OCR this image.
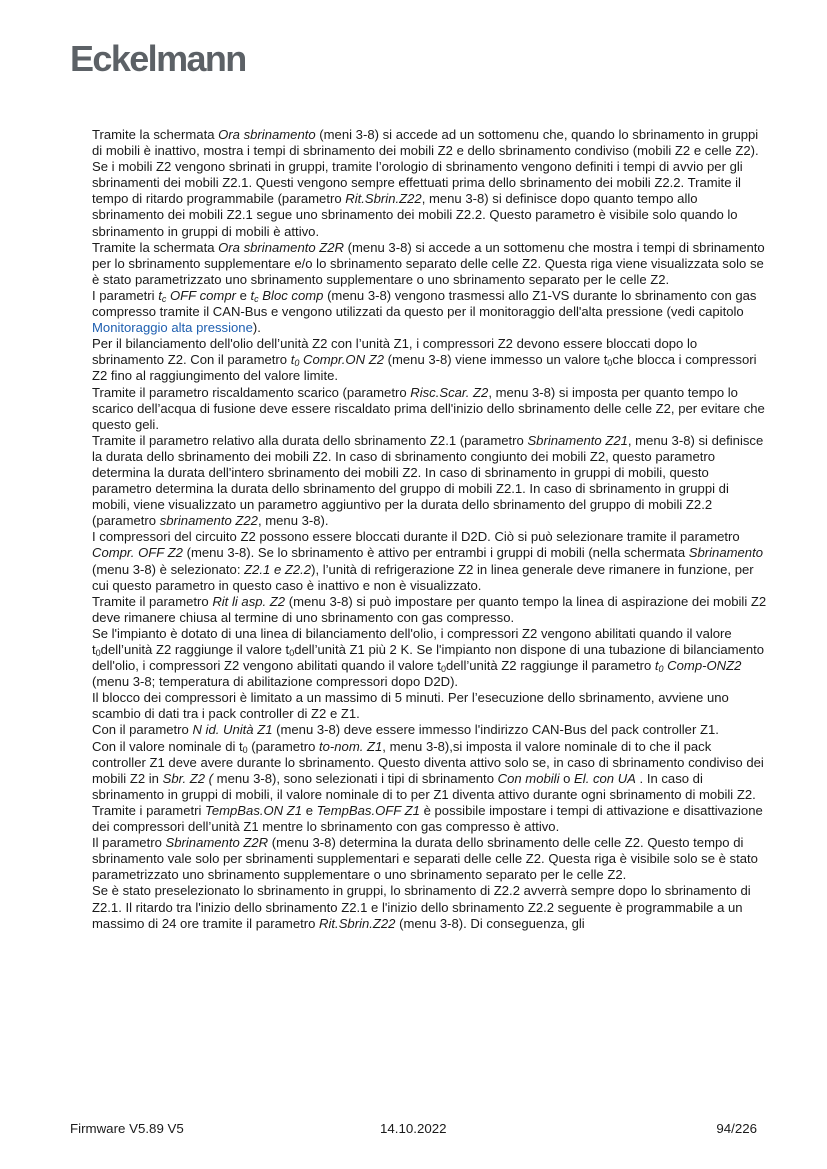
Eckelmann

Tramite la schermata Ora sbrinamento (meni 3-8) si accede ad un sottomenu che, quando lo sbrinamento in gruppi di mobili è inattivo, mostra i tempi di sbrinamento dei mobili Z2 e dello sbrinamento condiviso (mobili Z2 e celle Z2).

Se i mobili Z2 vengono sbrinati in gruppi, tramite l’orologio di sbrinamento vengono definiti i tempi di avvio per gli sbrinamenti dei mobili Z2.1. Questi vengono sempre effettuati prima dello sbrinamento dei mobili Z2.2. Tramite il tempo di ritardo programmabile (parametro Rit.Sbrin.Z22, menu 3-8) si definisce dopo quanto tempo allo sbrinamento dei mobili Z2.1 segue uno sbrinamento dei mobili Z2.2. Questo parametro è visibile solo quando lo sbrinamento in gruppi di mobili è attivo.

Tramite la schermata Ora sbrinamento Z2R (menu 3-8) si accede a un sottomenu che mostra i tempi di sbrinamento per lo sbrinamento supplementare e/o lo sbrinamento separato delle celle Z2. Questa riga viene visualizzata solo se è stato parametrizzato uno sbrinamento supplementare o uno sbrinamento separato per le celle Z2.

I parametri $t_c$ OFF compr e $t_c$ Bloc comp (menu 3-8) vengono trasmessi allo Z1-VS durante lo sbrinamento con gas compresso tramite il CAN-Bus e vengono utilizzati da questo per il monitoraggio dell'alta pressione (vedi capitolo Monitoraggio alta pressione).

Per il bilanciamento dell'olio dell’unità Z2 con l’unità Z1, i compressori Z2 devono essere bloccati dopo lo sbrinamento Z2. Con il parametro $t_0$ Compr.ON Z2 (menu 3-8) viene immesso un valore $t_0che$ blocca i compressori Z2 fino al raggiungimento del valore limite.

Tramite il parametro riscaldamento scarico (parametro Risc.Scar. Z2, menu 3-8) si imposta per quanto tempo lo scarico dell’acqua di fusione deve essere riscaldato prima dell'inizio dello sbrinamento delle celle Z2, per evitare che questo geli.

Tramite il parametro relativo alla durata dello sbrinamento Z2.1 (parametro Sbrinamento Z21, menu 3-8) si definisce la durata dello sbrinamento dei mobili Z2. In caso di sbrinamento congiunto dei mobili Z2, questo parametro determina la durata dell'intero sbrinamento dei mobili Z2. In caso di sbrinamento in gruppi di mobili, questo parametro determina la durata dello sbrinamento del gruppo di mobili Z2.1. In caso di sbrinamento in gruppi di mobili, viene visualizzato un parametro aggiuntivo per la durata dello sbrinamento del gruppo di mobili Z2.2 (parametro sbrinamento Z22, menu 3-8).

I compressori del circuito Z2 possono essere bloccati durante il D2D. Ciò si può selezionare tramite il parametro Compr. OFF Z2 (menu 3-8). Se lo sbrinamento è attivo per entrambi i gruppi di mobili (nella schermata Sbrinamento (menu 3-8) è selezionato: Z2.1 e Z2.2), l’unità di refrigerazione Z2 in linea generale deve rimanere in funzione, per cui questo parametro in questo caso è inattivo e non è visualizzato.

Tramite il parametro Rit li asp. Z2 (menu 3-8) si può impostare per quanto tempo la linea di aspirazione dei mobili Z2 deve rimanere chiusa al termine di uno sbrinamento con gas compresso.

Se l'impianto è dotato di una linea di bilanciamento dell'olio, i compressori Z2 vengono abilitati quando il valore $t_0dell’unità$ Z2 raggiunge il valore $t_0dell’unità$ Z1 più 2 K. Se l'impianto non dispone di una tubazione di bilanciamento dell'olio, i compressori Z2 vengono abilitati quando il valore $t_0dell’unità$ Z2 raggiunge il parametro $t_0$ Comp-ONZ2 (menu 3-8; temperatura di abilitazione compressori dopo D2D).

Il blocco dei compressori è limitato a un massimo di 5 minuti. Per l’esecuzione dello sbrinamento, avviene uno scambio di dati tra i pack controller di Z2 e Z1.

Con il parametro N id. Unità Z1 (menu 3-8) deve essere immesso l'indirizzo CAN-Bus del pack controller Z1.

Con il valore nominale di $t_0$ (parametro to-nom. Z1, menu 3-8),si imposta il valore nominale di to che il pack controller Z1 deve avere durante lo sbrinamento. Questo diventa attivo solo se, in caso di sbrinamento condiviso dei mobili Z2 in Sbr. Z2 ( menu 3-8), sono selezionati i tipi di sbrinamento Con mobili o El. con UA . In caso di sbrinamento in gruppi di mobili, il valore nominale di to per Z1 diventa attivo durante ogni sbrinamento di mobili Z2.

Tramite i parametri TempBas.ON Z1 e TempBas.OFF Z1 è possibile impostare i tempi di attivazione e disattivazione dei compressori dell’unità Z1 mentre lo sbrinamento con gas compresso è attivo.

Il parametro Sbrinamento Z2R (menu 3-8) determina la durata dello sbrinamento delle celle Z2. Questo tempo di sbrinamento vale solo per sbrinamenti supplementari e separati delle celle Z2. Questa riga è visibile solo se è stato parametrizzato uno sbrinamento supplementare o uno sbrinamento separato per le celle Z2.

Se è stato preselezionato lo sbrinamento in gruppi, lo sbrinamento di Z2.2 avverrà sempre dopo lo sbrinamento di Z2.1. Il ritardo tra l'inizio dello sbrinamento Z2.1 e l'inizio dello sbrinamento Z2.2 seguente è programmabile a un massimo di 24 ore tramite il parametro Rit.Sbrin.Z22 (menu 3-8). Di conseguenza, gli

Firmware V5.89 V5	14.10.2022	94/226
